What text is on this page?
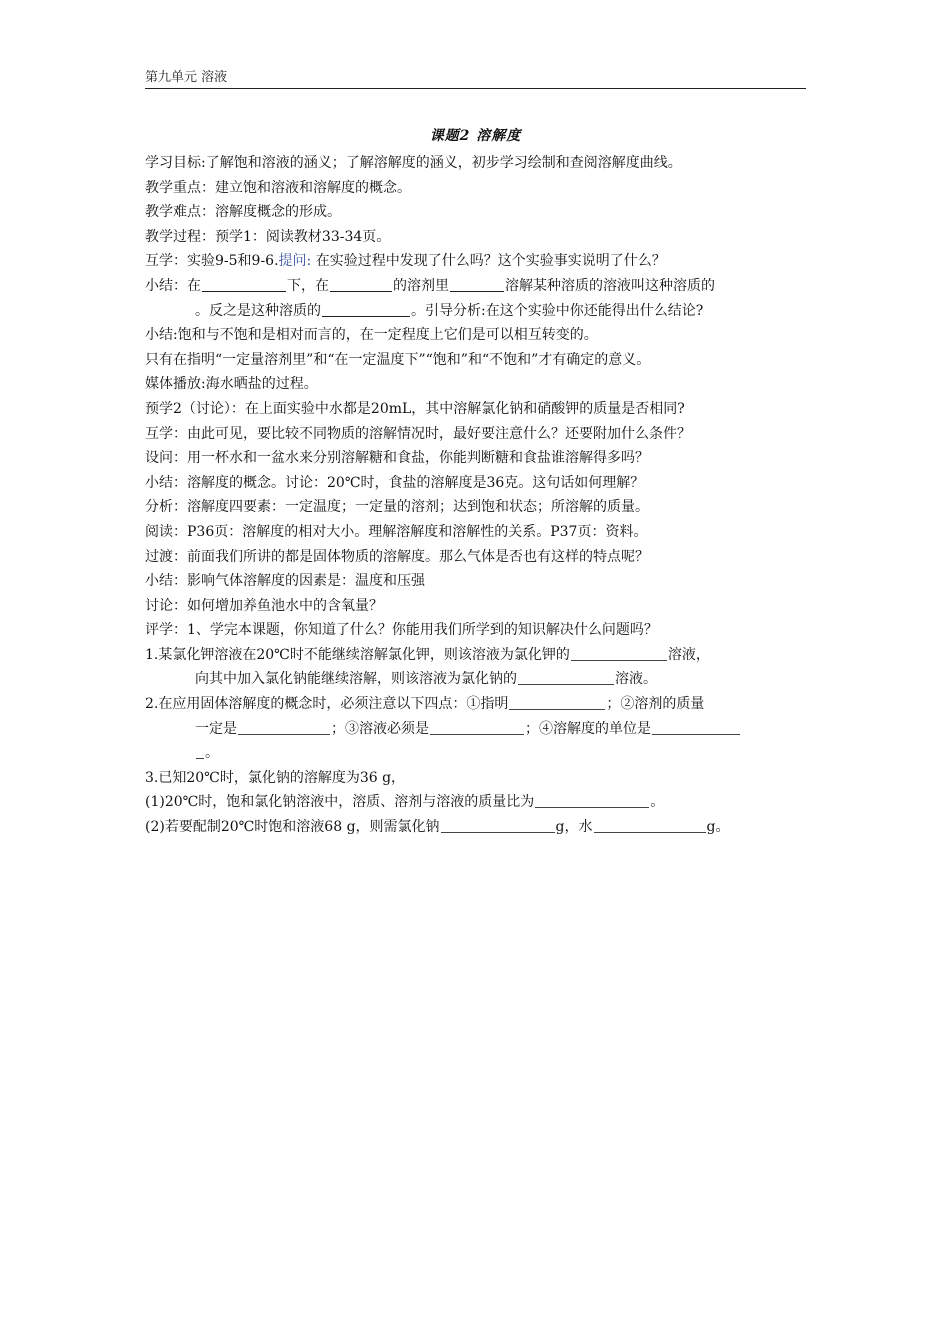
第九单元 溶液
课题2 溶解度
学习目标:了解饱和溶液的涵义；了解溶解度的涵义，初步学习绘制和查阅溶解度曲线。
教学重点：建立饱和溶液和溶解度的概念。
教学难点：溶解度概念的形成。
教学过程：预学1：阅读教材33-34页。
互学：实验9-5和9-6.提问: 在实验过程中发现了什么吗？这个实验事实说明了什么？
小结：在	下，在	的溶剂里	溶解某种溶质的溶液叫这种溶质的
。反之是这种溶质的	。引导分析:在这个实验中你还能得出什么结论?
小结:饱和与不饱和是相对而言的，在一定程度上它们是可以相互转变的。
只有在指明“一定量溶剂里”和“在一定温度下”“饱和”和“不饱和”才有确定的意义。
媒体播放:海水晒盐的过程。
预学2（讨论）：在上面实验中水都是20mL，其中溶解氯化钠和硝酸钾的质量是否相同?
互学：由此可见，要比较不同物质的溶解情况时，最好要注意什么？还要附加什么条件？
设问：用一杯水和一盆水来分别溶解糖和食盐，你能判断糖和食盐谁溶解得多吗？
小结：溶解度的概念。讨论：20℃时，食盐的溶解度是36克。这句话如何理解？
分析：溶解度四要素：一定温度；一定量的溶剂；达到饱和状态；所溶解的质量。
阅读：P36页：溶解度的相对大小。理解溶解度和溶解性的关系。P37页：资料。
过渡：前面我们所讲的都是固体物质的溶解度。那么气体是否也有这样的特点呢？
小结：影响气体溶解度的因素是：温度和压强
讨论：如何增加养鱼池水中的含氧量？
评学：1、学完本课题，你知道了什么？你能用我们所学到的知识解决什么问题吗？
1.某氯化钾溶液在20℃时不能继续溶解氯化钾，则该溶液为氯化钾的	溶液，
向其中加入氯化钠能继续溶解，则该溶液为氯化钠的	溶液。
2.在应用固体溶解度的概念时，必须注意以下四点：①指明	；②溶剂的质量
一定是	；③溶液必须是	；④溶解度的单位是
。
3.已知20℃时，氯化钠的溶解度为36 g，
(1)20℃时，饱和氯化钠溶液中，溶质、溶剂与溶液的质量比为	。
(2)若要配制20℃时饱和溶液68 g，则需氯化钠	g，水	g。
